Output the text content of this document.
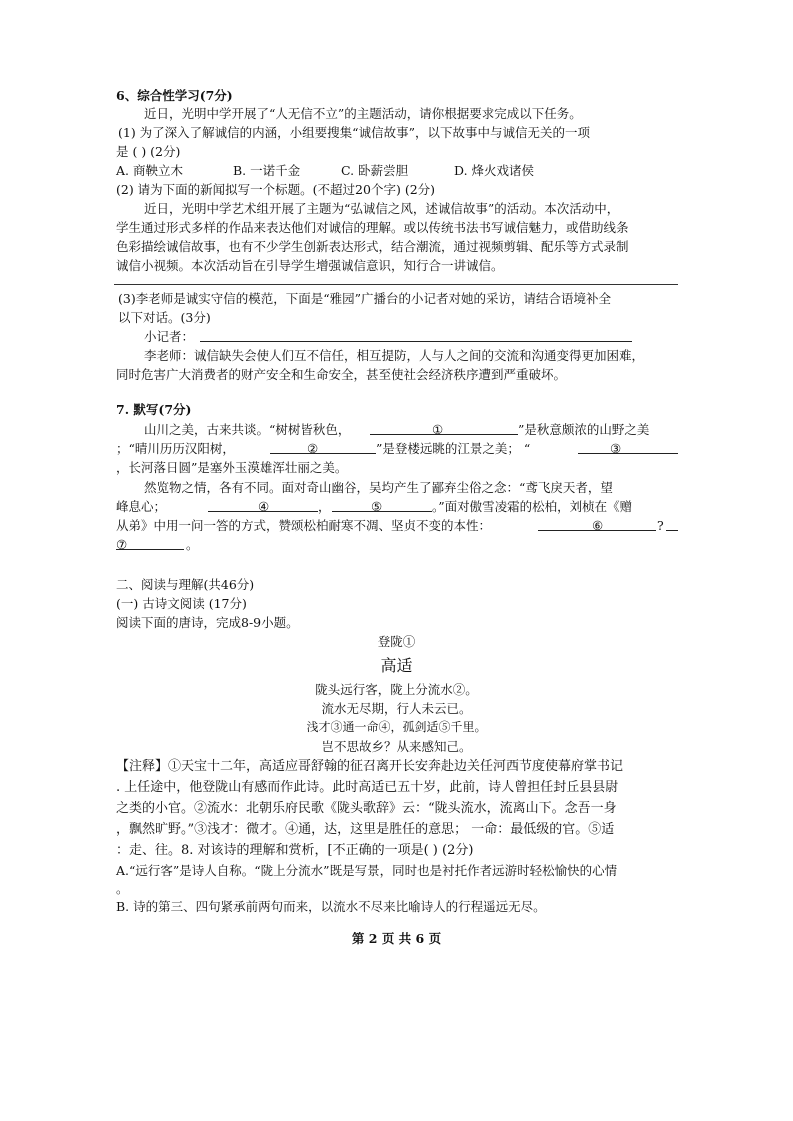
6、综合性学习(7分)
近日，光明中学开展了“人无信不立”的主题活动，请你根据要求完成以下任务。
(1) 为了深入了解诚信的内涵，小组要搜集“诚信故事”，以下故事中与诚信无关的一项
是 ( ) (2分)
A. 商鞅立木	B. 一诺千金	C. 卧薪尝胆	D. 烽火戏诸侯
(2) 请为下面的新闻拟写一个标题。(不超过20个字) (2分)
近日，光明中学艺术组开展了主题为“弘诚信之风，述诚信故事”的活动。本次活动中，
学生通过形式多样的作品来表达他们对诚信的理解。或以传统书法书写诚信魅力，或借助线条
色彩描绘诚信故事，也有不少学生创新表达形式，结合潮流，通过视频剪辑、配乐等方式录制
诚信小视频。本次活动旨在引导学生增强诚信意识，知行合一讲诚信。
(3)李老师是诚实守信的模范，下面是“雅园”广播台的小记者对她的采访，请结合语境补全
以下对话。(3分)
小记者：
李老师：诚信缺失会使人们互不信任，相互提防，人与人之间的交流和沟通变得更加困难，
同时危害广大消费者的财产安全和生命安全，甚至使社会经济秩序遭到严重破坏。
7. 默写(7分)
山川之美，古来共谈。“树树皆秋色，	①	”是秋意颇浓的山野之美
；“晴川历历汉阳树，	②	”是登楼远眺的江景之美； “	③
，长河落日圆”是塞外玉漠雄浑壮丽之美。
然览物之情，各有不同。面对奇山幽谷，吴均产生了鄙弃尘俗之念：“鸢飞戾天者，望
峰息心；	④	，	⑤	。”面对傲雪凌霜的松柏，刘桢在《赠
从弟》中用一问一答的方式，赞颂松柏耐寒不凋、坚贞不变的本性：	⑥	?
⑦	。
二、阅读与理解(共46分)
(一) 古诗文阅读 (17分)
阅读下面的唐诗，完成8-9小题。
登陇①
高适
陇头远行客，陇上分流水②。
流水无尽期，行人未云已。
浅才③通一命④，孤剑适⑤千里。
岂不思故乡？从来感知己。
【注释】①天宝十二年，高适应哥舒翰的征召离开长安奔赴边关任河西节度使幕府掌书记
. 上任途中，他登陇山有感而作此诗。此时高适已五十岁，此前，诗人曾担任封丘县县尉
之类的小官。②流水：北朝乐府民歌《陇头歌辞》云：“陇头流水，流离山下。念吾一身
，飘然旷野。”③浅才：微才。④通，达，这里是胜任的意思； 一命：最低级的官。⑤适
：走、往。8. 对该诗的理解和赏析，[不正确的一项是( ) (2分)
A.“远行客”是诗人自称。“陇上分流水”既是写景，同时也是衬托作者远游时轻松愉快的心情
。
B. 诗的第三、四句紧承前两句而来，以流水不尽来比喻诗人的行程遥远无尽。
第 2 页 共 6 页
